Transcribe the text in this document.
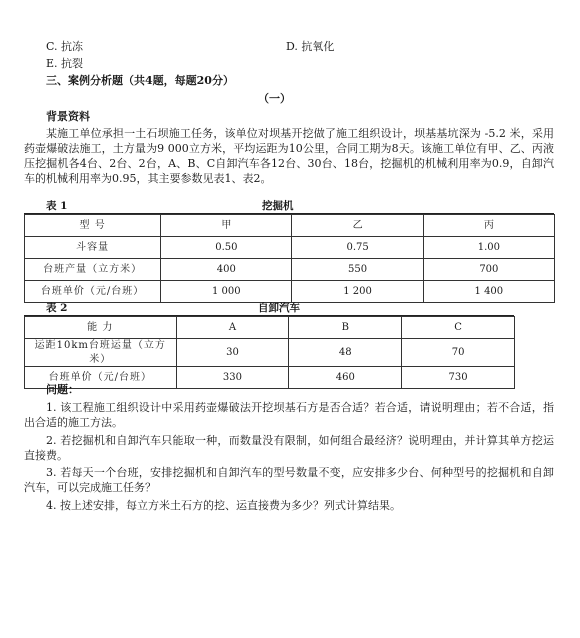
C. 抗冻	D. 抗氧化
E. 抗裂
三、案例分析题（共4题，每题20分）
（一）
背景资料

某施工单位承担一土石坝施工任务，该单位对坝基开挖做了施工组织设计，坝基基坑深为 -5.2 米，采用药壶爆破法施工，土方量为9 000立方米，平均运距为10公里，合同工期为8天。该施工单位有甲、乙、丙液压挖掘机各4台、2台、2台，A、B、C自卸汽车各12台、30台、18台，挖掘机的机械利用率为0.9，自卸汽车的机械利用率为0.95，其主要参数见表1、表2。

表 1	挖掘机
型 号	甲	乙	丙
斗容量	0.50	0.75	1.00
台班产量（立方米）	400	550	700
台班单价（元/台班）	1 000	1 200	1 400
表 2	自卸汽车
能 力	A	B	C
运距10km台班运量（立方米）	30	48	70
台班单价（元/台班）	330	460	730
问题：

1. 该工程施工组织设计中采用药壶爆破法开挖坝基石方是否合适？若合适，请说明理由；若不合适，指出合适的施工方法。

2. 若挖掘机和自卸汽车只能取一种，而数量没有限制，如何组合最经济？说明理由，并计算其单方挖运直接费。

3. 若每天一个台班，安排挖掘机和自卸汽车的型号数量不变，应安排多少台、何种型号的挖掘机和自卸汽车，可以完成施工任务？

4. 按上述安排，每立方米土石方的挖、运直接费为多少？列式计算结果。
